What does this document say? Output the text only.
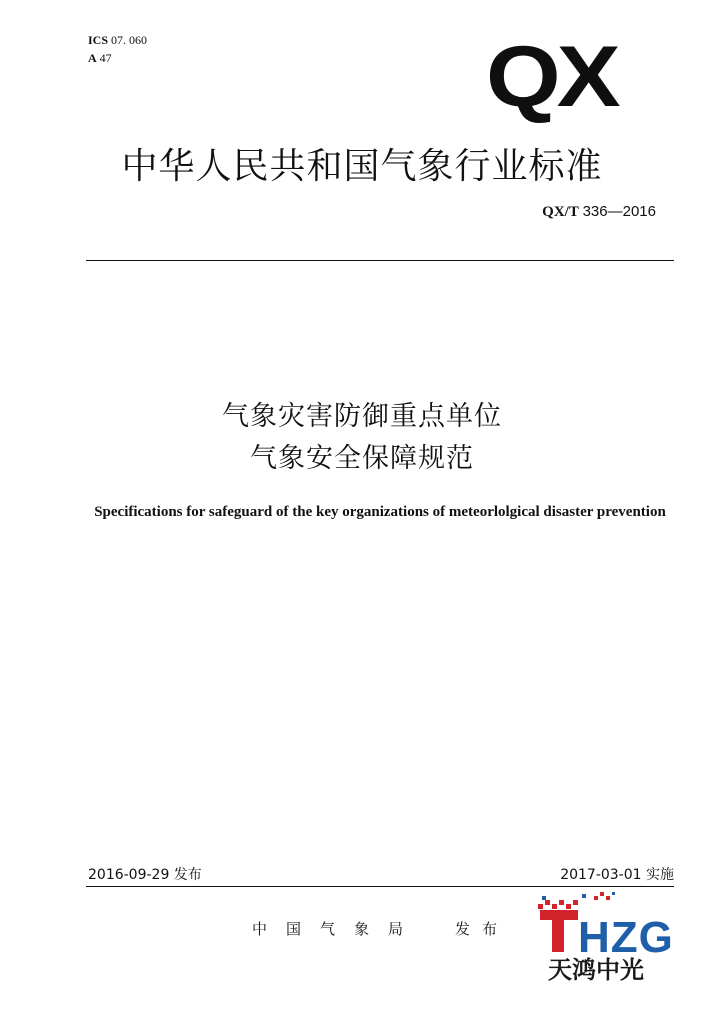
ICS 07. 060
A 47	QX
中华人民共和国气象行业标准
QX/T 336—2016
气象灾害防御重点单位
气象安全保障规范
Specifications for safeguard of the key organizations of meteorlolgical disaster prevention
2016-09-29 发布	2017-03-01 实施
中国气象局 发布 HZG
天鸿中光
